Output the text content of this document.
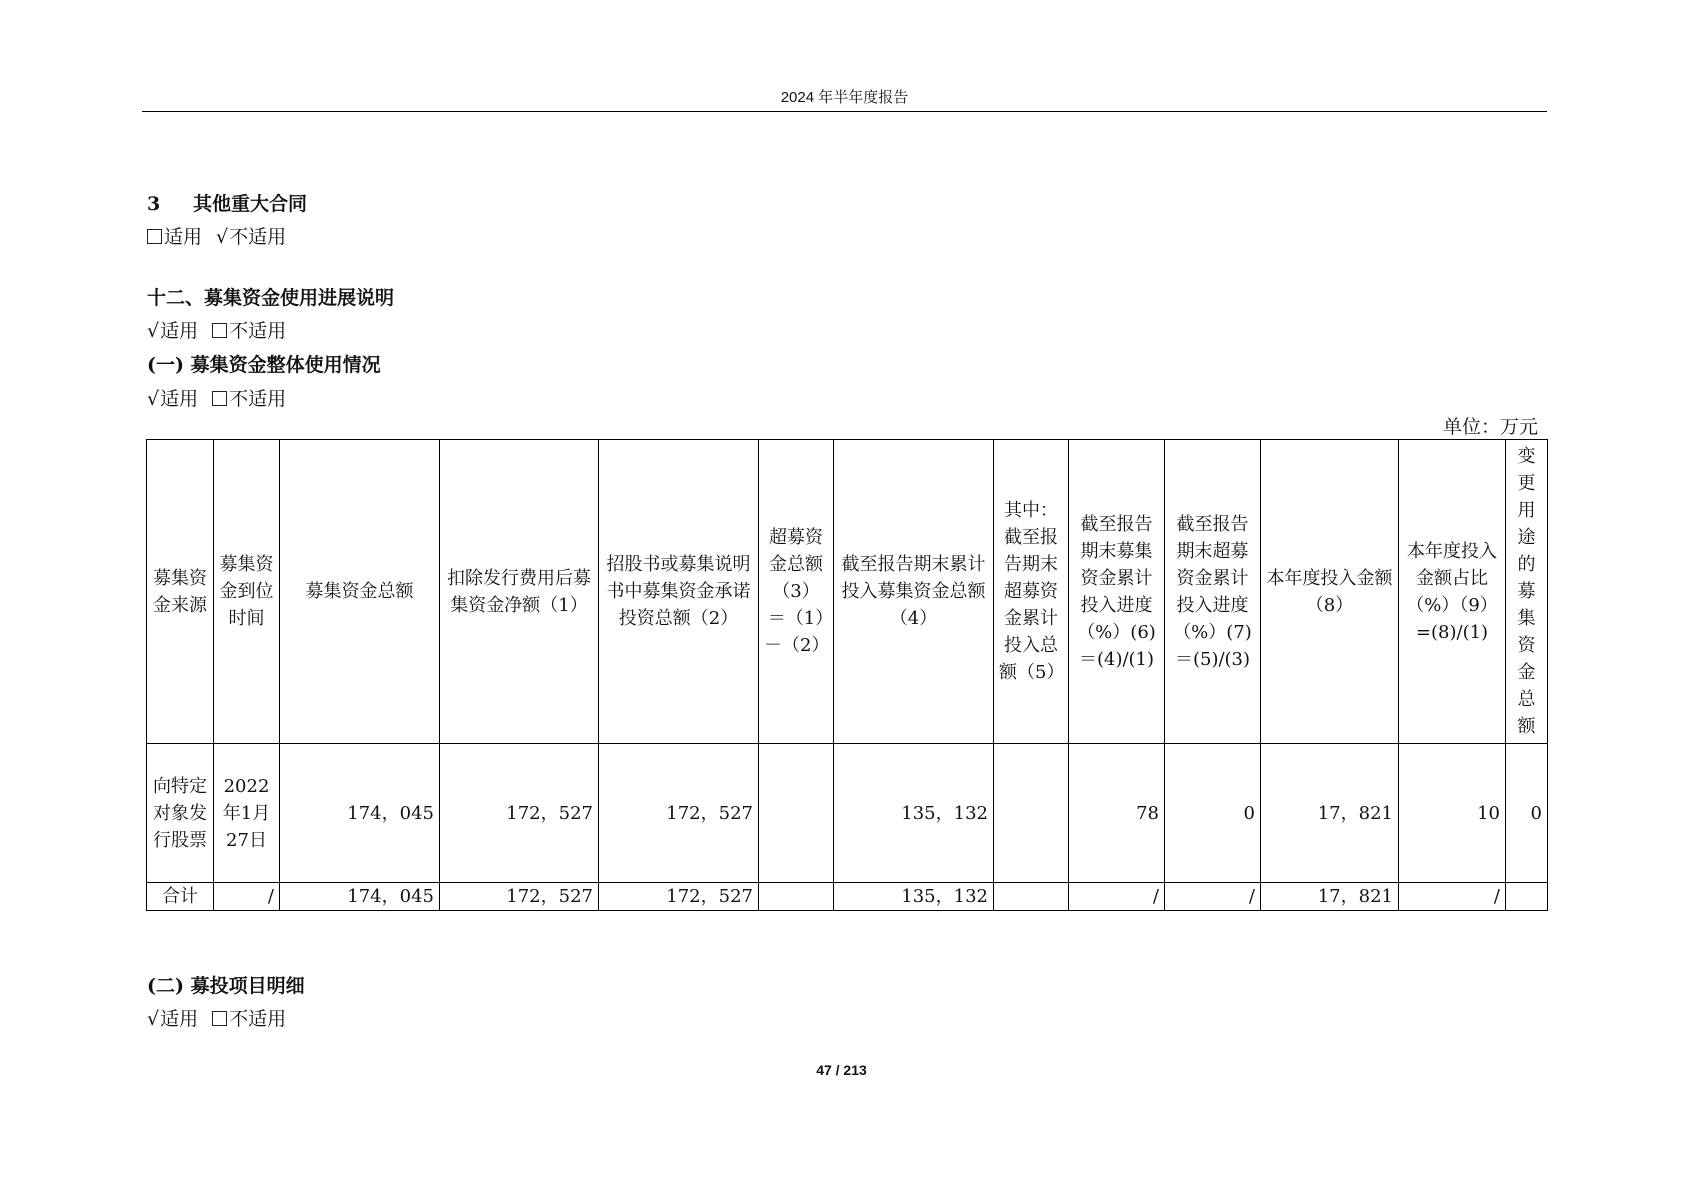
2024 年半年度报告
3 其他重大合同
适用 √不适用
十二、募集资金使用进展说明
√适用 不适用
(一) 募集资金整体使用情况
√适用 不适用
单位：万元
募集资金来源	募集资金到位时间	募集资金总额	扣除发行费用后募集资金净额（1）	招股书或募集说明书中募集资金承诺投资总额（2）	超募资金总额（3）＝（1）－（2）	截至报告期末累计投入募集资金总额（4）	其中：截至报告期末超募资金累计投入总额（5）	截至报告期末募集资金累计投入进度（%）(6)＝(4)/(1)	截至报告期末超募资金累计投入进度（%）(7)＝(5)/(3)	本年度投入金额（8）	本年度投入金额占比（%）（9）=(8)/(1)	变更用途的募集资金总额
向特定对象发行股票	2022年1月27日	174，045	172，527	172，527		135，132		78	0	17，821	10	0
合计	/	174，045	172，527	172，527		135，132		/	/	17，821	/	
(二) 募投项目明细
√适用 不适用
47 / 213
